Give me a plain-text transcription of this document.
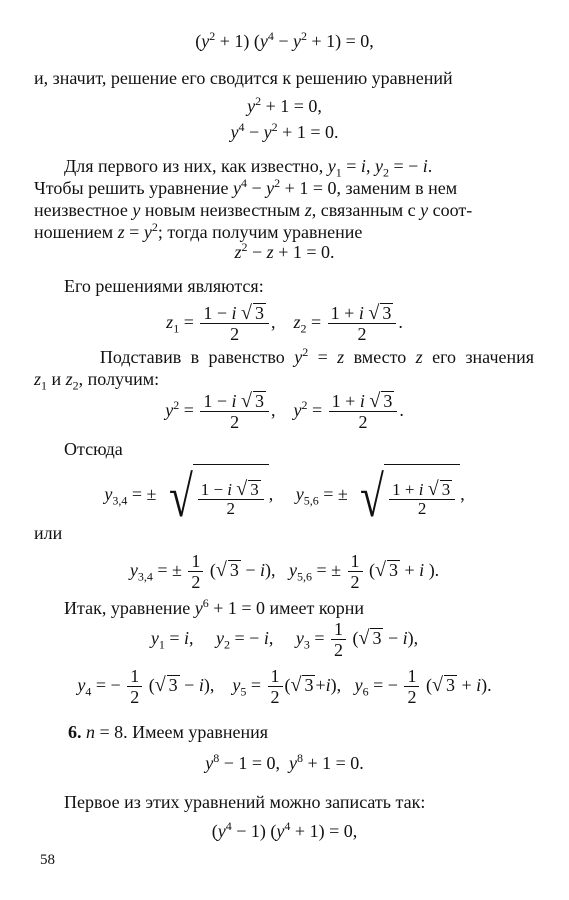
$(y^2 + 1) (y^4 - y^2 + 1) = 0$,
и, значит, решение его сводится к решению уравнений
$y^2 + 1 = 0$,
$y^4 - y^2 + 1 = 0$.
Для первого из них, как известно, $y_1 = i$, $y_2$ = − i.
Чтобы решить уравнение $y^4 - y^2 + 1 = 0$, заменим в нем
неизвестное y новым неизвестным z, связанным с y соот-
ношением $z = y^2$; тогда получим уравнение
$z^2 - z + 1 = 0$.
Его решениями являются:
$z_1 = \frac{1 - i √ 3}{2}$ ,    $z_2 = \frac{1 + i √ 3}{2}$ .
Подставив в равенство $y^2 = z$ вместо z его значения
$z_1$ и $z_2$, получим:
$y^2 = \frac{1 - i √ 3}{2}$ ,    $y^2 = \frac{1 + i √ 3}{2}$ .
Отсюда
$y_{3,4}$ = ± √ $\frac{1 - i √ 3}{2}$ ,     $y_{5,6}$ = ± √ $\frac{1 + i √ 3}{2}$ ,
или
$y_{3,4}$ = ± $\frac{1}{2}$ (√ 3 − i),   $y_{5,6}$ = ± $\frac{1}{2}$ (√ 3 + i ).
Итак, уравнение $y^6 + 1 = 0$ имеет корни
$y_1 = i$,     $y_2$ = − i,     $y_3 = \frac{1}{2}$ (√ 3 − i),
$y_4$ = − $\frac{1}{2}$ (√ 3 − i),    $y_5 = \frac{1}{2}$ (√ 3 +i),   $y_6$ = − $\frac{1}{2}$ (√ 3 + i).
6. n = 8. Имеем уравнения
$y^8 - 1 = 0$,  $y^8 + 1 = 0$.
Первое из этих уравнений можно записать так:
$(y^4 - 1) (y^4 + 1) = 0$,
58
